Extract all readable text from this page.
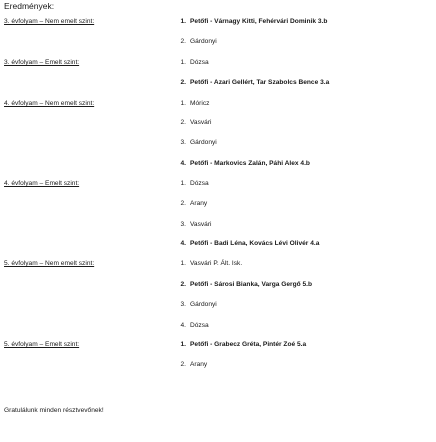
Eredmények:
3. évfolyam – Nem emelt szint:
3. évfolyam – Emelt szint:
4. évfolyam – Nem emelt szint:
4. évfolyam – Emelt szint:
5. évfolyam – Nem emelt szint:
5. évfolyam – Emelt szint:
1. Petőfi - Várnagy Kitti, Fehérvári Dominik 3.b
2. Gárdonyi
1. Dózsa
2. Petőfi - Azari Gellért, Tar Szabolcs Bence 3.a
1. Móricz
2. Vasvári
3. Gárdonyi
4. Petőfi - Markovics Zalán, Páhi Alex 4.b
1. Dózsa
2. Arany
3. Vasvári
4. Petőfi - Badi Léna, Kovács Lévi Olivér 4.a
1. Vasvári P. Ált. Isk.
2. Petőfi - Sárosi Bianka, Varga Gergő 5.b
3. Gárdonyi
4. Dózsa
1. Petőfi - Grabecz Gréta, Pintér Zoé 5.a
2. Arany
Gratulálunk minden résztvevőnek!
